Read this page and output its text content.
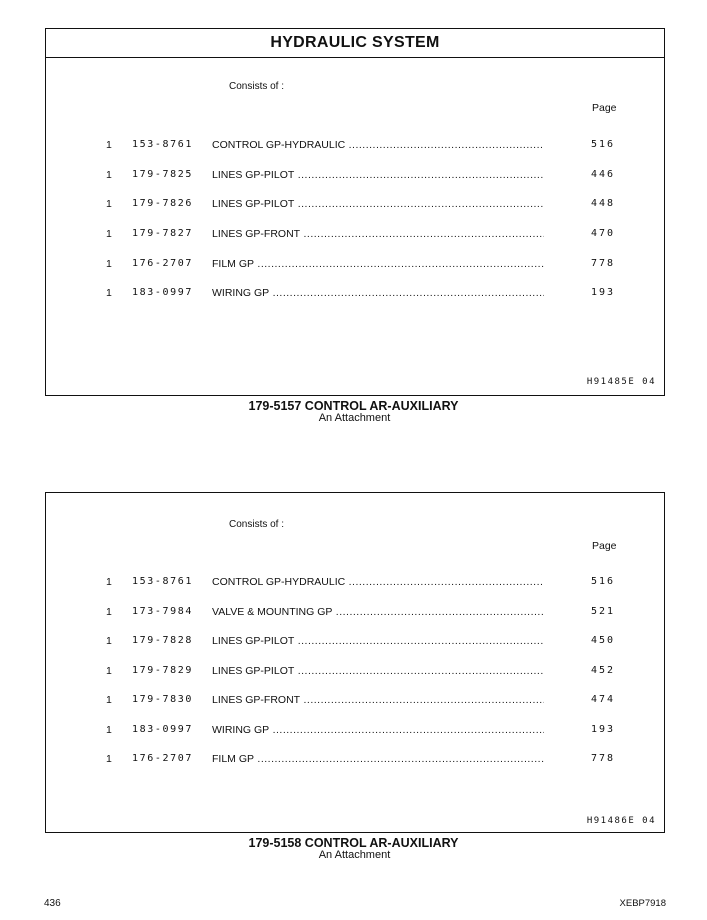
HYDRAULIC SYSTEM
Consists of :
Page
1 153-8761 CONTROL GP-HYDRAULIC .....	516
1 179-7825 LINES GP-PILOT .....	446
1 179-7826 LINES GP-PILOT .....	448
1 179-7827 LINES GP-FRONT .....	470
1 176-2707 FILM GP .....	778
1 183-0997 WIRING GP .....	193
H91485E 04
179-5157 CONTROL AR-AUXILIARY
An Attachment
Consists of :
Page
1 153-8761 CONTROL GP-HYDRAULIC .....	516
1 173-7984 VALVE & MOUNTING GP .....	521
1 179-7828 LINES GP-PILOT .....	450
1 179-7829 LINES GP-PILOT .....	452
1 179-7830 LINES GP-FRONT .....	474
1 183-0997 WIRING GP .....	193
1 176-2707 FILM GP .....	778
H91486E 04
179-5158 CONTROL AR-AUXILIARY
An Attachment
436	XEBP7918
